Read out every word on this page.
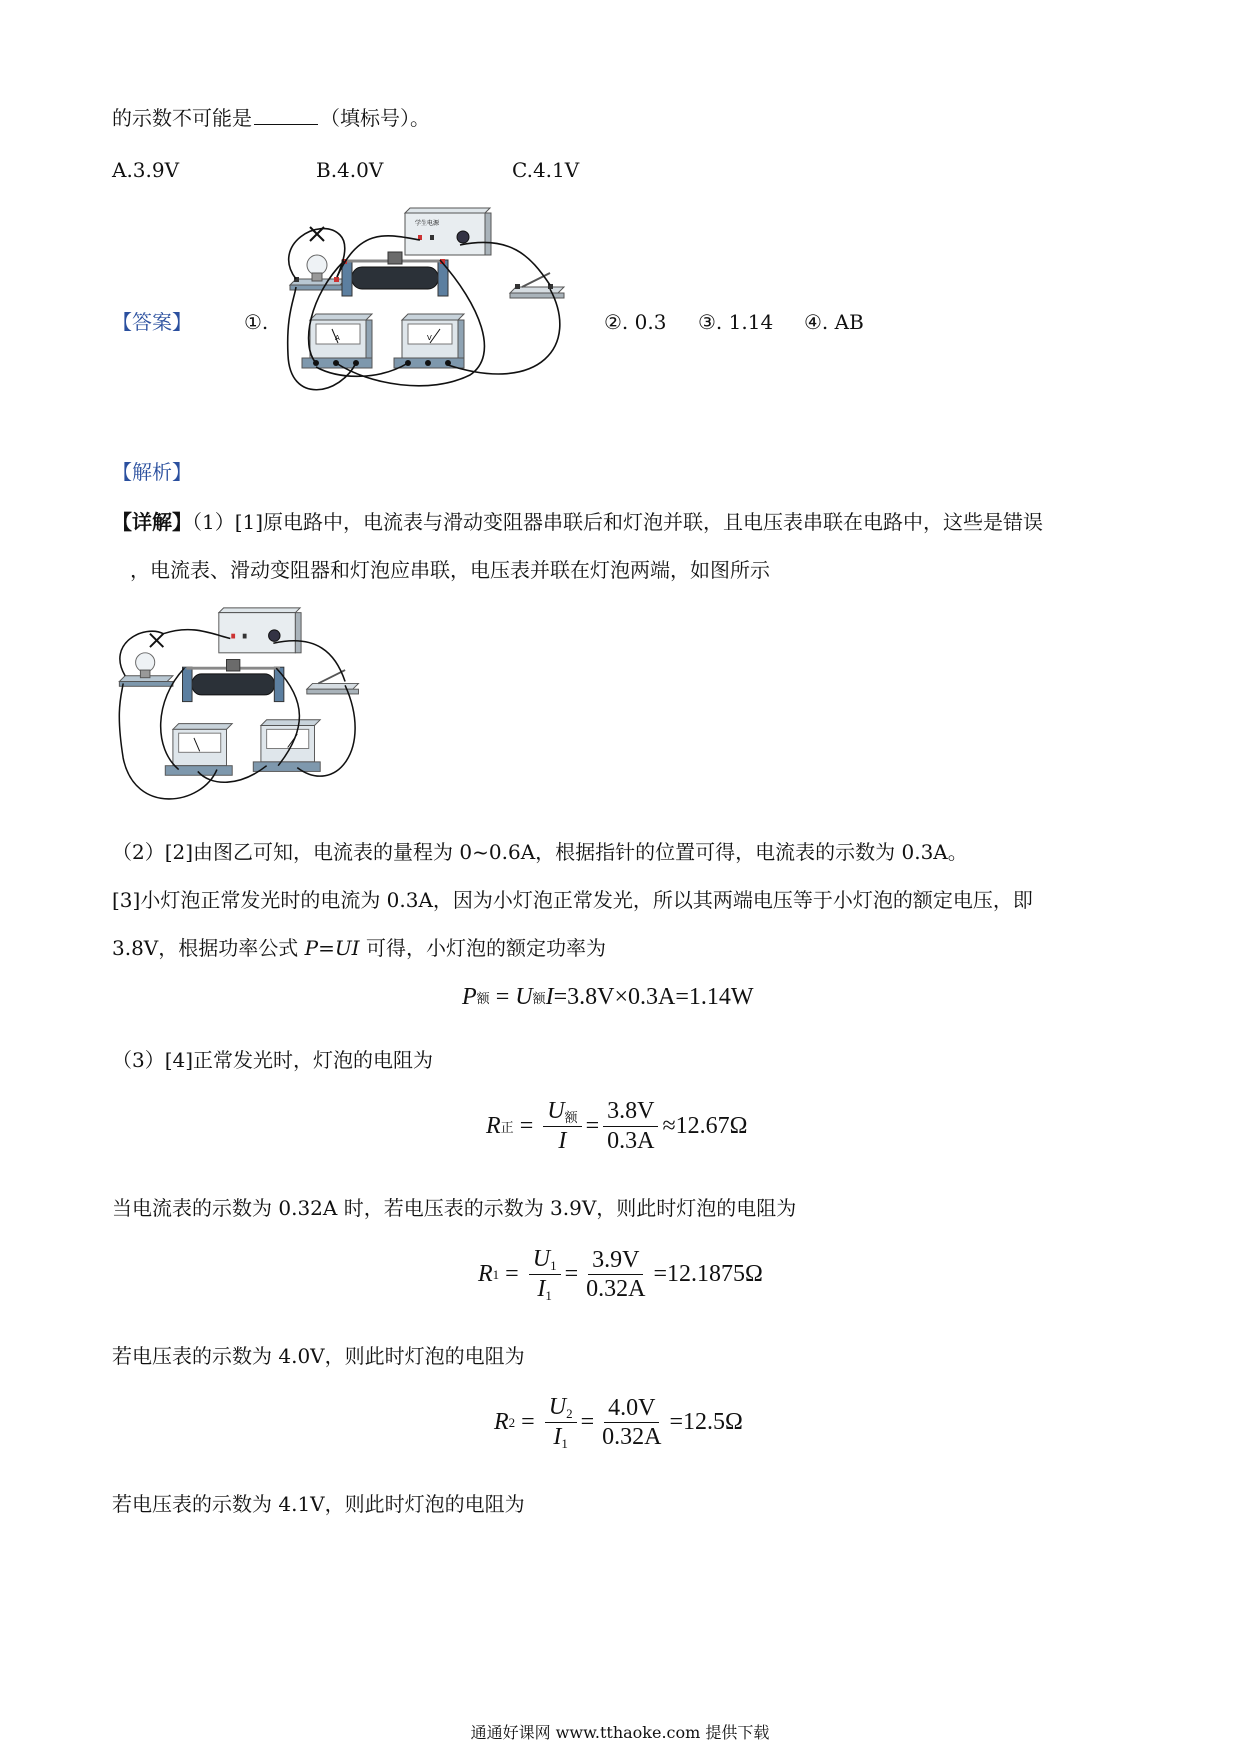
的示数不可能是	（填标号）。
A.3.9V	B.4.0V	C.4.1V
【答案】	①.	②. 0.3 ③. 1.14 ④. AB
学生电源
A	V
【解析】
【详解】（1）[1]原电路中，电流表与滑动变阻器串联后和灯泡并联，且电压表串联在电路中，这些是错误
，电流表、滑动变阻器和灯泡应串联，电压表并联在灯泡两端，如图所示
（2）[2]由图乙可知，电流表的量程为 0~0.6A，根据指针的位置可得，电流表的示数为 0.3A。
[3]小灯泡正常发光时的电流为 0.3A，因为小灯泡正常发光，所以其两端电压等于小灯泡的额定电压，即
3.8V，根据功率公式 P=UI 可得，小灯泡的额定功率为
P 额 = U 额 I =3.8V×0.3A=1.14W
（3）[4]正常发光时，灯泡的电阻为
R 正 = $\frac{U_额}{I} = \frac{3.8V}{0.3A} \approx 12.67\Omega$
当电流表的示数为 0.32A 时，若电压表的示数为 3.9V，则此时灯泡的电阻为
R $1 = \frac{U_1}{I_1} = \frac{3.9V}{0.32A} =12.1875\Omega$
若电压表的示数为 4.0V，则此时灯泡的电阻为
R $2 = \frac{U_2}{I_1} = \frac{4.0V}{0.32A} =12.5\Omega$
若电压表的示数为 4.1V，则此时灯泡的电阻为
通通好课网 www.tthaoke.com 提供下载
